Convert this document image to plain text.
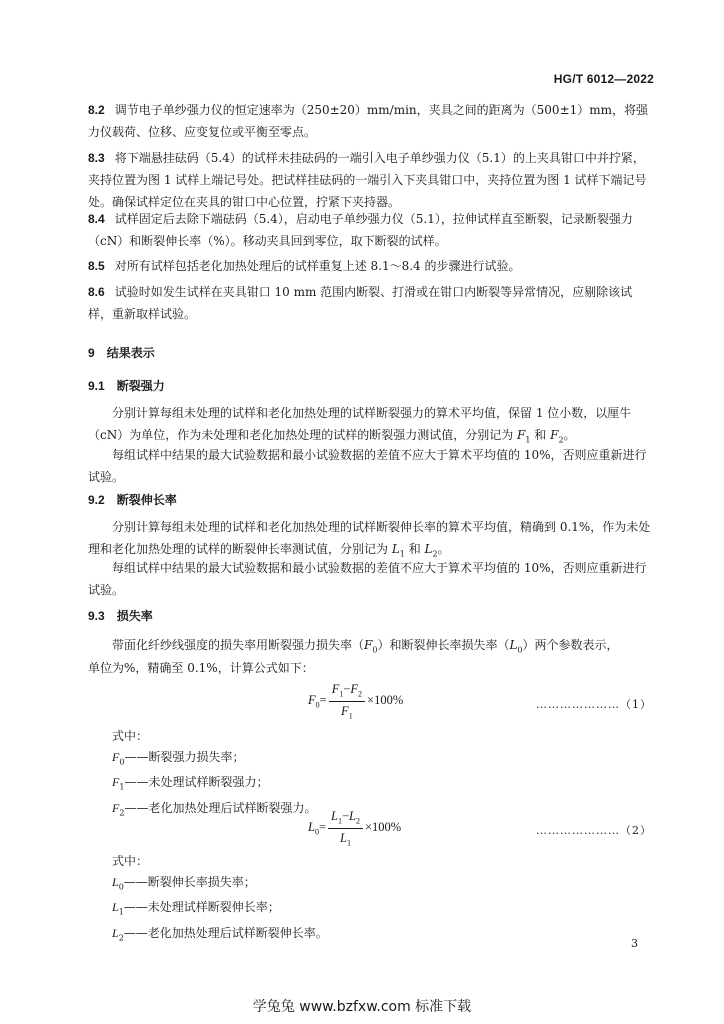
HG/T 6012—2022
8.2 调节电子单纱强力仪的恒定速率为（250±20）mm/min，夹具之间的距离为（500±1）mm，将强力仪载荷、位移、应变复位或平衡至零点。
8.3 将下端悬挂砝码（5.4）的试样未挂砝码的一端引入电子单纱强力仪（5.1）的上夹具钳口中并拧紧，夹持位置为图 1 试样上端记号处。把试样挂砝码的一端引入下夹具钳口中，夹持位置为图 1 试样下端记号处。确保试样定位在夹具的钳口中心位置，拧紧下夹持器。
8.4 试样固定后去除下端砝码（5.4），启动电子单纱强力仪（5.1），拉伸试样直至断裂，记录断裂强力（cN）和断裂伸长率（%）。移动夹具回到零位，取下断裂的试样。
8.5 对所有试样包括老化加热处理后的试样重复上述 8.1～8.4 的步骤进行试验。
8.6 试验时如发生试样在夹具钳口 10 mm 范围内断裂、打滑或在钳口内断裂等异常情况，应剔除该试样，重新取样试验。
9 结果表示
9.1 断裂强力
分别计算每组未处理的试样和老化加热处理的试样断裂强力的算术平均值，保留 1 位小数，以厘牛（cN）为单位，作为未处理和老化加热处理的试样的断裂强力测试值，分别记为 $F_1$ 和 $F_2$。
每组试样中结果的最大试验数据和最小试验数据的差值不应大于算术平均值的 10%，否则应重新进行试验。
9.2 断裂伸长率
分别计算每组未处理的试样和老化加热处理的试样断裂伸长率的算术平均值，精确到 0.1%，作为未处理和老化加热处理的试样的断裂伸长率测试值，分别记为 $L_1$ 和 $L_2$。
每组试样中结果的最大试验数据和最小试验数据的差值不应大于算术平均值的 10%，否则应重新进行试验。
9.3 损失率
带面化纤纱线强度的损失率用断裂强力损失率$(F_0)$和断裂伸长率损失率$(L_0)$两个参数表示，
单位为%，精确至 0.1%，计算公式如下：
$F_0= \frac{F_1-F_2}{F_1} \times 100\%$	…………………（1）
式中：
$F_0——$断裂强力损失率；
$F_1——$未处理试样断裂强力；
$F_2——$老化加热处理后试样断裂强力。
$L_0= \frac{L_1-L_2}{L_1} \times 100\%$	…………………（2）
式中：
$L_0——$断裂伸长率损失率；
$L_1——$未处理试样断裂伸长率；
$L_2——$老化加热处理后试样断裂伸长率。
3
学兔兔 www.bzfxw.com 标准下载
